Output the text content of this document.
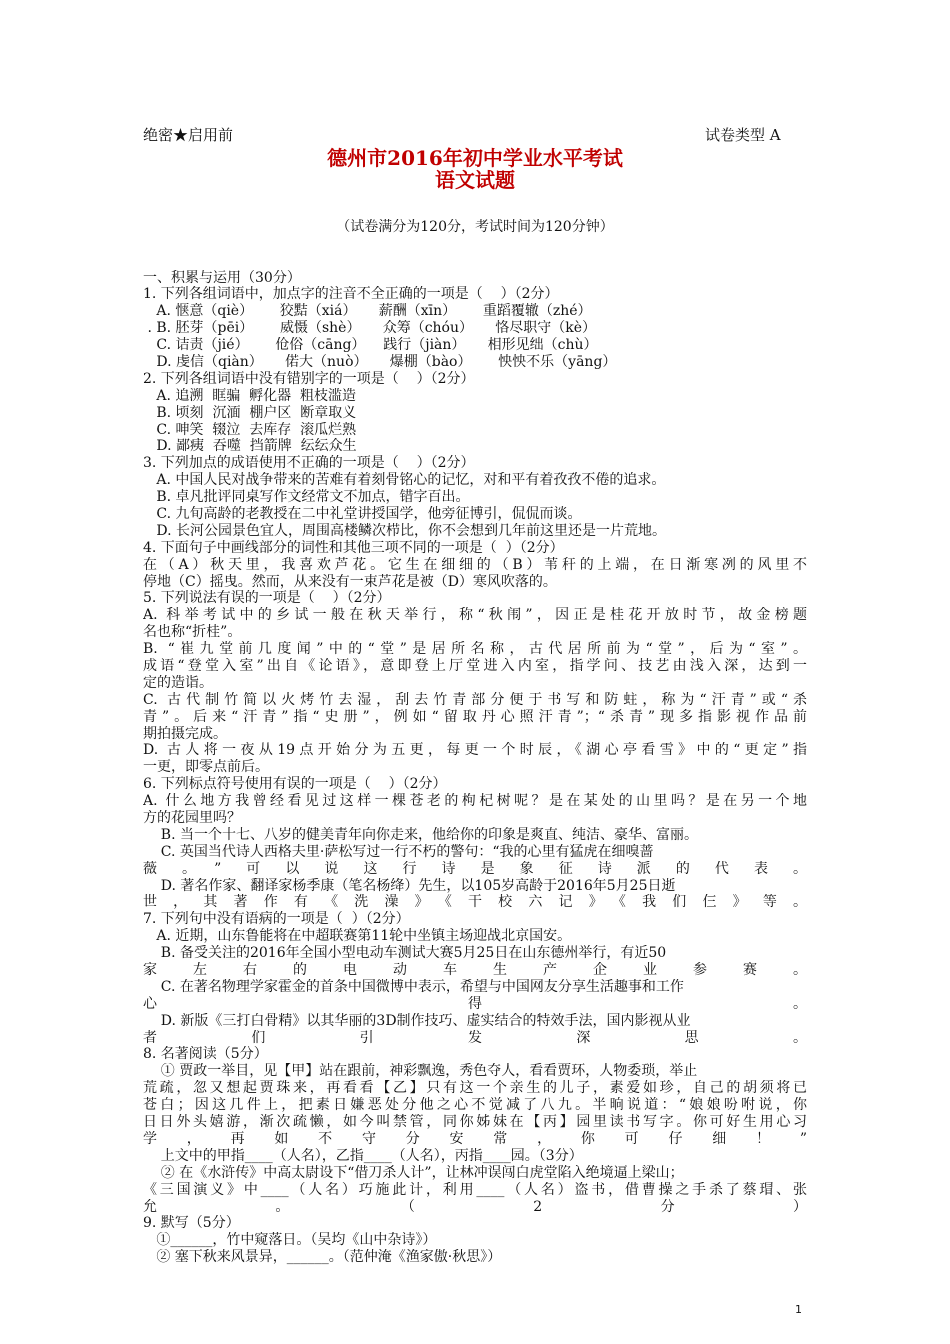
绝密★启用前	试卷类型 A
德州市2016年初中学业水平考试
语文试题

（试卷满分为120分，考试时间为120分钟）

一、积累与运用（30分）
1. 下列各组词语中，加点字的注音不全正确的一项是（    ）（2分）
A. 惬意（qiè）      狡黠（xiá）     薪酬（xīn）      重蹈覆辙（zhé）
. B. 胚芽（pēi）      威慑（shè）     众筹（chóu）     恪尽职守（kè）
C. 诘责（jié）      伧俗（cāng）    践行（jiàn）     相形见绌（chù）
D. 虔信（qiàn）     偌大（nuò）     爆棚（bào）      怏怏不乐（yāng）
2. 下列各组词语中没有错别字的一项是（    ）（2分）
A. 追溯  眶骗  孵化器  粗枝滥造
B. 顷刻  沉湎  棚户区  断章取义
C. 呻笑  辍泣  去库存  滚瓜烂熟
D. 鄙痍  吞噬  挡箭牌  纭纭众生
3. 下列加点的成语使用不正确的一项是（    ）（2分）
A. 中国人民对战争带来的苦难有着刻骨铭心的记忆，对和平有着孜孜不倦的追求。
B. 卓凡批评同桌写作文经常文不加点，错字百出。
C. 九旬高龄的老教授在二中礼堂讲授国学，他旁征博引，侃侃而谈。
D. 长河公园景色宜人，周围高楼鳞次栉比，你不会想到几年前这里还是一片荒地。
4. 下面句子中画线部分的词性和其他三项不同的一项是（  ）（2分）
在（A）秋天里，我喜欢芦花。它生在细细的（B）苇秆的上端，在日渐寒冽的风里不
停地（C）摇曳。然而，从来没有一束芦花是被（D）寒风吹落的。
5. 下列说法有误的一项是（    ）（2分）
A. 科举考试中的乡试一般在秋天举行，称“秋闱”，因正是桂花开放时节，故金榜题
名也称“折桂”。
B. “崔九堂前几度闻”中的“堂”是居所名称，古代居所前为“堂”，后为“室”。
成语“登堂入室”出自《论语》，意即登上厅堂进入内室，指学问、技艺由浅入深，达到一
定的造诣。
C. 古代制竹简以火烤竹去湿，刮去竹青部分便于书写和防蛀，称为“汗青”或“杀
青”。后来“汗青”指“史册”，例如“留取丹心照汗青”；“杀青”现多指影视作品前
期拍摄完成。
D. 古人将一夜从19点开始分为五更，每更一个时辰，《湖心亭看雪》中的“更定”指
一更，即零点前后。
6. 下列标点符号使用有误的一项是（    ）（2分）
A. 什么地方我曾经看见过这样一棵苍老的枸杞树呢？是在某处的山里吗？是在另一个地
方的花园里吗？
B. 当一个十七、八岁的健美青年向你走来，他给你的印象是爽直、纯洁、豪华、富丽。
C. 英国当代诗人西格夫里·萨松写过一行不朽的警句：“我的心里有猛虎在细嗅蔷
薇。”可以说这行诗是象征诗派的代表。
D. 著名作家、翻译家杨季康（笔名杨绛）先生，以105岁高龄于2016年5月25日逝
世，其著作有《洗澡》《干校六记》《我们仨》等。
7. 下列句中没有语病的一项是（  ）（2分）
A. 近期，山东鲁能将在中超联赛第11轮中坐镇主场迎战北京国安。
B. 备受关注的2016年全国小型电动车测试大赛5月25日在山东德州举行，有近50
家左右的电动车生产企业参赛。
C. 在著名物理学家霍金的首条中国微博中表示，希望与中国网友分享生活趣事和工作
心得。
D. 新版《三打白骨精》以其华丽的3D制作技巧、虚实结合的特效手法，国内影视从业
者们引发深思。
8. 名著阅读（5分）
① 贾政一举目，见【甲】站在跟前，神彩飘逸，秀色夺人，看看贾环，人物委琐，举止
荒疏，忽又想起贾珠来，再看看【乙】只有这一个亲生的儿子，素爱如珍，自己的胡须将已
苍白；因这几件上，把素日嫌恶处分他之心不觉减了八九。半晌说道：“娘娘吩咐说，你
日日外头嬉游，渐次疏懒，如今叫禁管，同你姊妹在【丙】园里读书写字。你可好生用心习
学，再如不守分安常，你可仔细！”
上文中的甲指____（人名），乙指____（人名），丙指____园。（3分）
② 在《水浒传》中高太尉设下“借刀杀人计”，让林冲误闯白虎堂陷入绝境逼上梁山；
《三国演义》中____（人名）巧施此计，利用____（人名）盗书，借曹操之手杀了蔡瑁、张
允。（2分）
9. 默写（5分）
①______，竹中窥落日。（吴均《山中杂诗》）
② 塞下秋来风景异，______。（范仲淹《渔家傲·秋思》）

1
